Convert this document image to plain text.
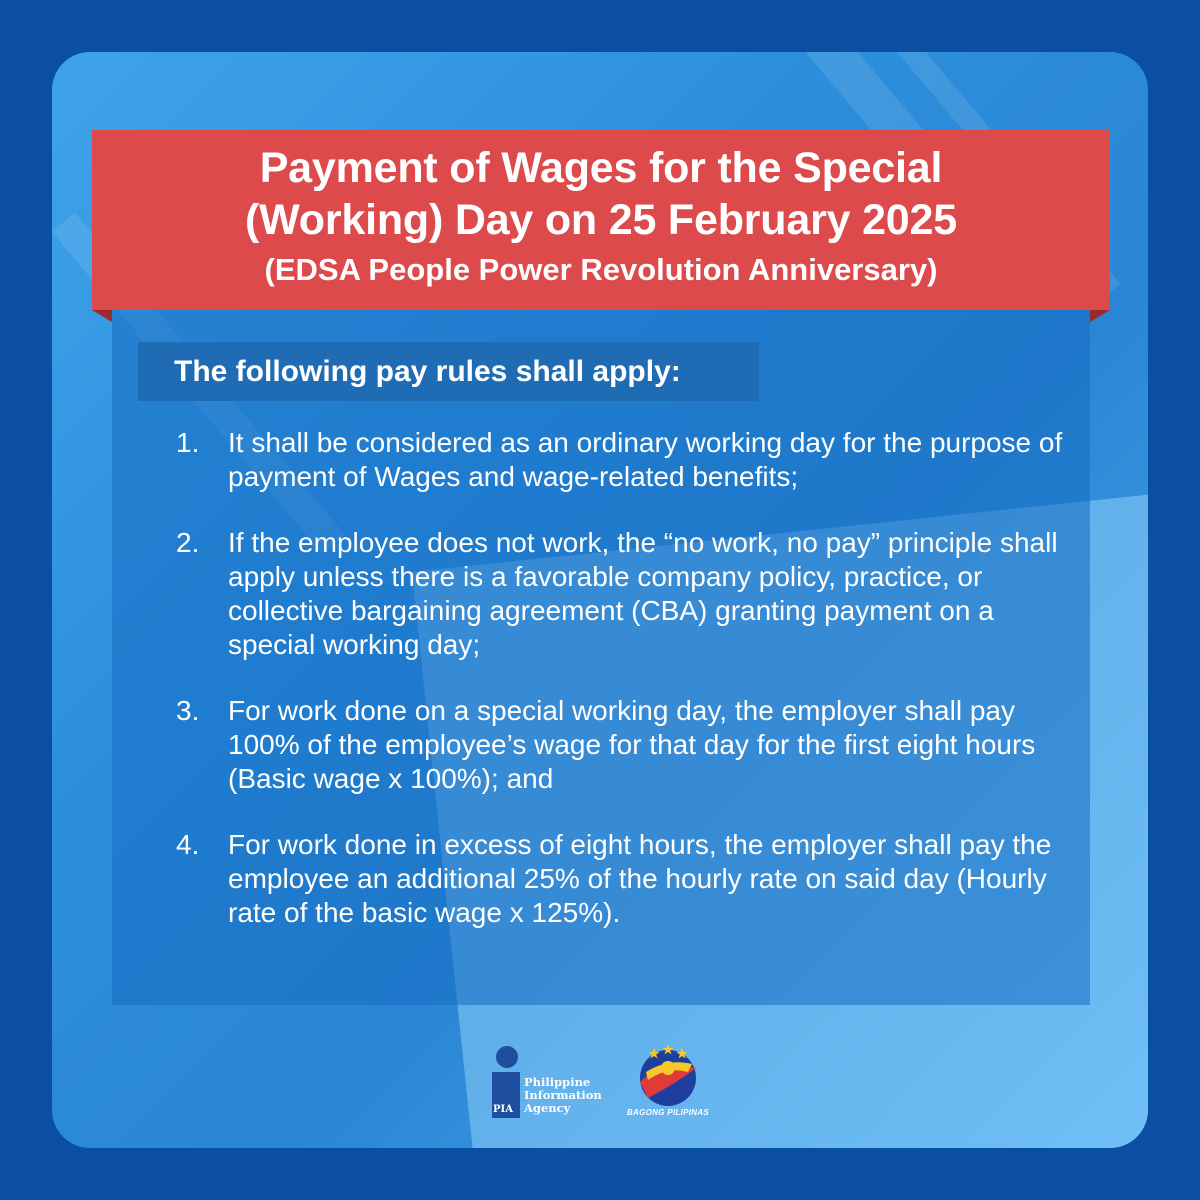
Payment of Wages for the Special
(Working) Day on 25 February 2025
(EDSA People Power Revolution Anniversary)
The following pay rules shall apply:
1.	It shall be considered as an ordinary working day for the purpose of payment of Wages and wage-related benefits;
2.	If the employee does not work, the “no work, no pay” principle shall apply unless there is a favorable company policy, practice, or collective bargaining agreement (CBA) granting payment on a special working day;
3.	For work done on a special working day, the employer shall pay 100% of the employee’s wage for that day for the first eight hours (Basic wage x 100%); and
4.	For work done in excess of eight hours, the employer shall pay the employee an additional 25% of the hourly rate on said day (Hourly rate of the basic wage x 125%).
PIA
Philippine
Information
Agency	BAGONG PILIPINAS
